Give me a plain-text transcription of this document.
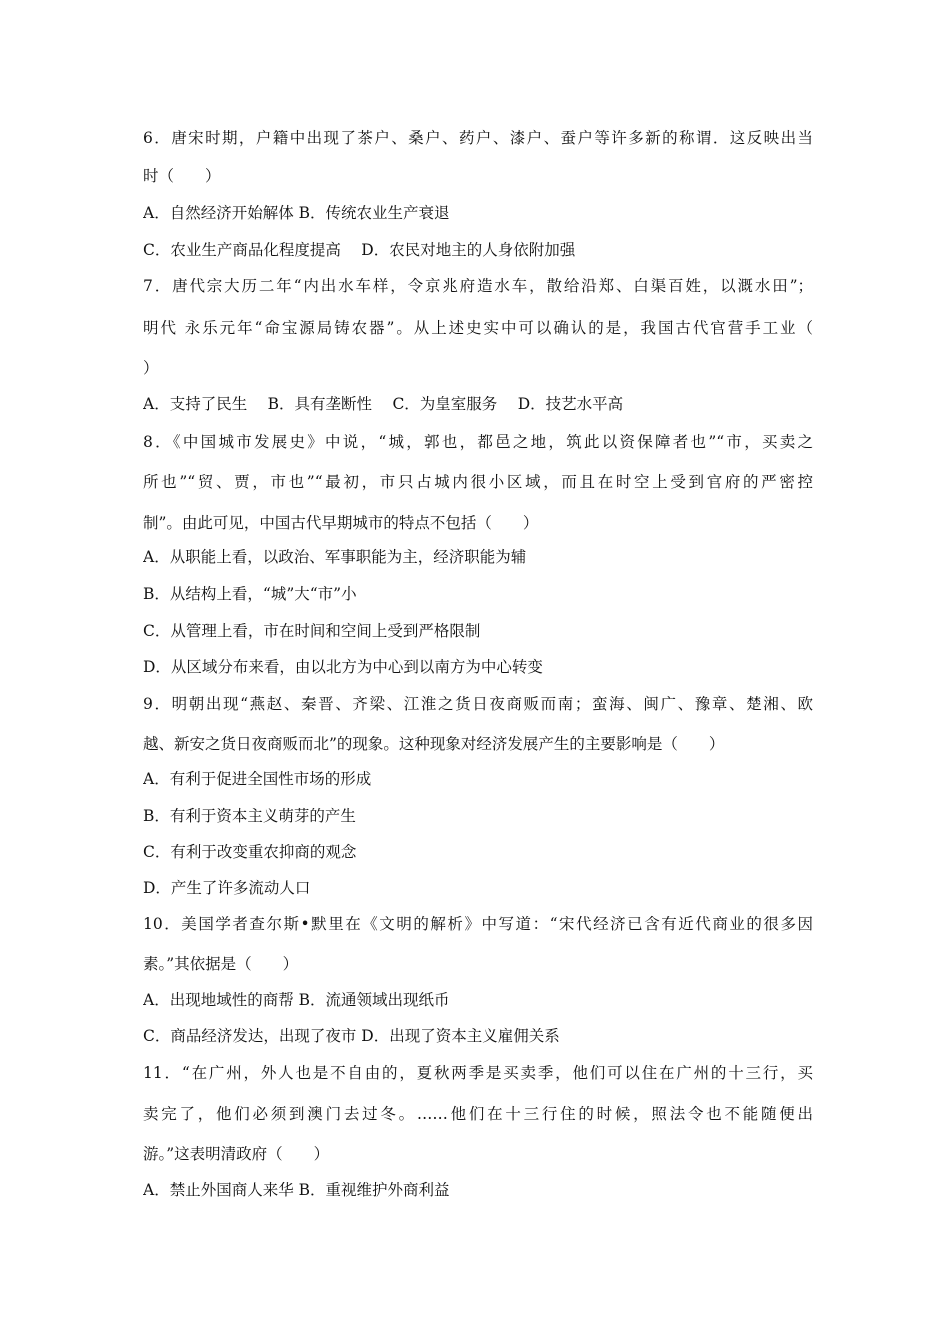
6．唐宋时期，户籍中出现了茶户、桑户、药户、漆户、蚕户等许多新的称谓．这反映出当
时（　　）
A．自然经济开始解体 B．传统农业生产衰退
C．农业生产商品化程度提高　 D．农民对地主的人身依附加强
7．唐代宗大历二年“内出水车样，令京兆府造水车，散给沿郑、白渠百姓，以溉水田”；
明代 永乐元年“命宝源局铸农器”。从上述史实中可以确认的是，我国古代官营手工业（
）
A．支持了民生　 B．具有垄断性　 C．为皇室服务　 D．技艺水平高
8．《中国城市发展史》中说，“城，郭也，都邑之地，筑此以资保障者也”“市，买卖之
所也”“贸、贾，市也”“最初，市只占城内很小区域，而且在时空上受到官府的严密控
制”。由此可见，中国古代早期城市的特点不包括（　　）
A．从职能上看，以政治、军事职能为主，经济职能为辅
B．从结构上看，“城”大“市”小
C．从管理上看，市在时间和空间上受到严格限制
D．从区域分布来看，由以北方为中心到以南方为中心转变
9．明朝出现“燕赵、秦晋、齐梁、江淮之货日夜商贩而南；蛮海、闽广、豫章、楚湘、欧
越、新安之货日夜商贩而北”的现象。这种现象对经济发展产生的主要影响是（　　）
A．有利于促进全国性市场的形成
B．有利于资本主义萌芽的产生
C．有利于改变重农抑商的观念
D．产生了许多流动人口
10．美国学者查尔斯•默里在《文明的解析》中写道：“宋代经济已含有近代商业的很多因
素。”其依据是（　　）
A．出现地域性的商帮 B．流通领域出现纸币
C．商品经济发达，出现了夜市 D．出现了资本主义雇佣关系
11．“在广州，外人也是不自由的，夏秋两季是买卖季，他们可以住在广州的十三行，买
卖完了，他们必须到澳门去过冬。……他们在十三行住的时候，照法令也不能随便出
游。”这表明清政府（　　）
A．禁止外国商人来华 B．重视维护外商利益
